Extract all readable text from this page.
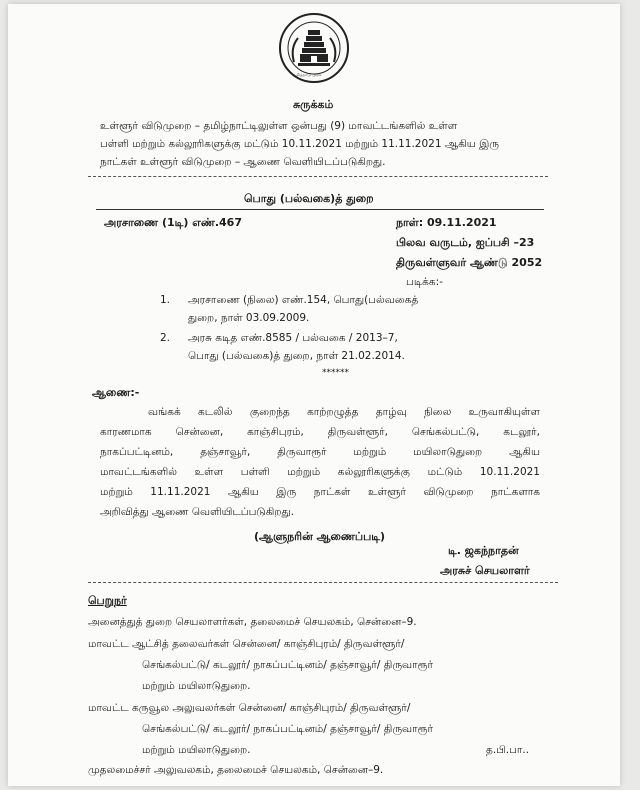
தமிழ்நாடு அரசு
சுருக்கம்
உள்ளூர் விடுமுறை – தமிழ்நாட்டிலுள்ள ஒன்பது (9) மாவட்டங்களில் உள்ள
பள்ளி மற்றும் கல்லூரிகளுக்கு மட்டும் 10.11.2021 மற்றும் 11.11.2021 ஆகிய இரு
நாட்கள் உள்ளூர் விடுமுறை – ஆணை வெளியிடப்படுகிறது.
பொது (பல்வகை)த் துறை
அரசாணை (1டி) எண்.467	நாள்: 09.11.2021
பிலவ வருடம், ஐப்பசி –23
திருவள்ளுவர் ஆண்டு 2052
படிக்க:-
1. அரசாணை (நிலை) எண்.154, பொது(பல்வகைத்
துறை, நாள் 03.09.2009.
2. அரசு கடித எண்.8585 / பல்வகை / 2013–7,
பொது (பல்வகை)த் துறை, நாள் 21.02.2014.
******
ஆணை:-
வங்கக் கடலில் குறைந்த காற்றழுத்த தாழ்வு நிலை உருவாகியுள்ள
காரணமாக சென்னை, காஞ்சிபுரம், திருவள்ளூர், செங்கல்பட்டு, கடலூர்,
நாகப்பட்டினம், தஞ்சாவூர், திருவாரூர் மற்றும் மயிலாடுதுறை ஆகிய
மாவட்டங்களில் உள்ள பள்ளி மற்றும் கல்லூரிகளுக்கு மட்டும் 10.11.2021
மற்றும் 11.11.2021 ஆகிய இரு நாட்கள் உள்ளூர் விடுமுறை நாட்களாக
அறிவித்து ஆணை வெளியிடப்படுகிறது.
(ஆளுநரின் ஆணைப்படி)
டி. ஜகந்நாதன்
அரசுச் செயலாளர்
பெறுநர்
அனைத்துத் துறை செயலாளர்கள், தலைமைச் செயலகம், சென்னை–9.
மாவட்ட ஆட்சித் தலைவர்கள் சென்னை/ காஞ்சிபுரம்/ திருவள்ளூர்/
செங்கல்பட்டு/ கடலூர்/ நாகப்பட்டினம்/ தஞ்சாவூர்/ திருவாரூர்
மற்றும் மயிலாடுதுறை.
மாவட்ட கருவூல அலுவலர்கள் சென்னை/ காஞ்சிபுரம்/ திருவள்ளூர்/
செங்கல்பட்டு/ கடலூர்/ நாகப்பட்டினம்/ தஞ்சாவூர்/ திருவாரூர்
மற்றும் மயிலாடுதுறை.
முதலமைச்சர் அலுவலகம், தலைமைச் செயலகம், சென்னை–9.
த.பி.பா..
